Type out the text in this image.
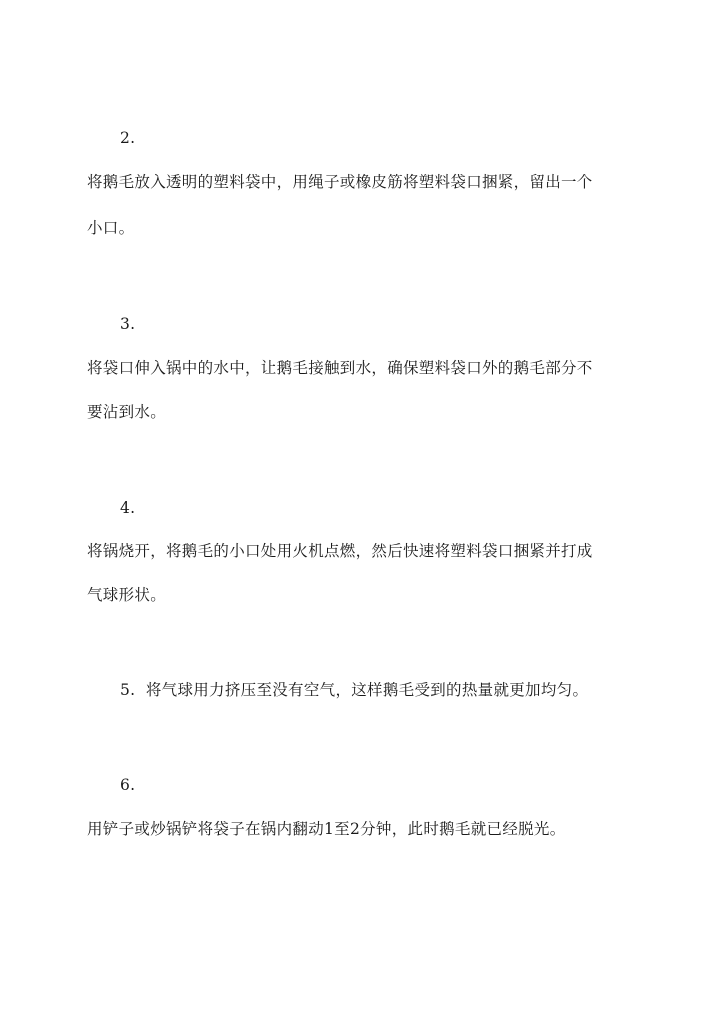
2.
将鹅毛放入透明的塑料袋中，用绳子或橡皮筋将塑料袋口捆紧，留出一个
小口。
3.
将袋口伸入锅中的水中，让鹅毛接触到水，确保塑料袋口外的鹅毛部分不
要沾到水。
4.
将锅烧开，将鹅毛的小口处用火机点燃，然后快速将塑料袋口捆紧并打成
气球形状。
5.  将气球用力挤压至没有空气，这样鹅毛受到的热量就更加均匀。
6.
用铲子或炒锅铲将袋子在锅内翻动1至2分钟，此时鹅毛就已经脱光。
